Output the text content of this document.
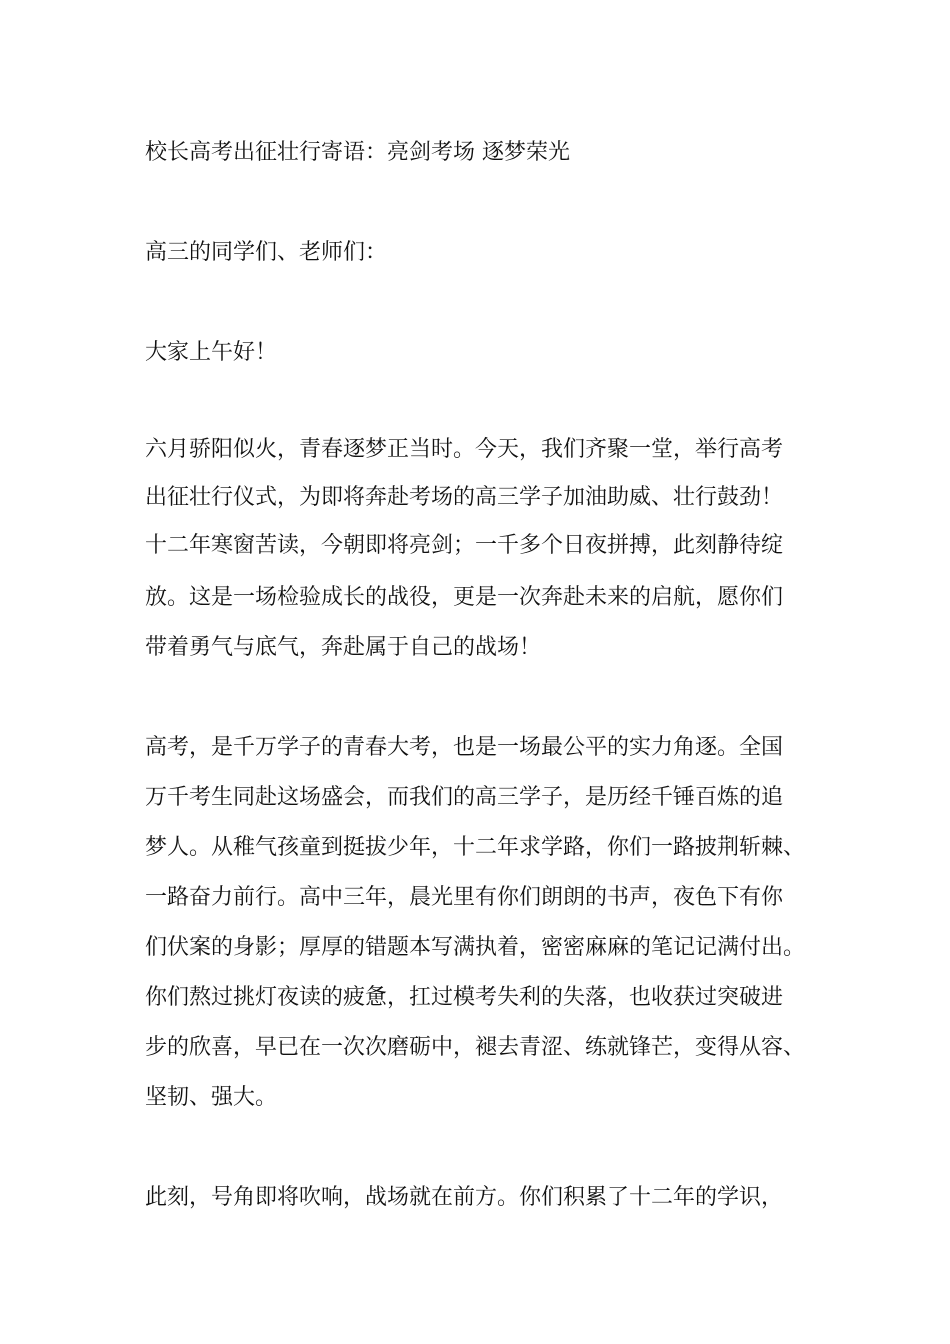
校长高考出征壮行寄语：亮剑考场 逐梦荣光
高三的同学们、老师们：
大家上午好！
六月骄阳似火，青春逐梦正当时。今天，我们齐聚一堂，举行高考
出征壮行仪式，为即将奔赴考场的高三学子加油助威、壮行鼓劲！
十二年寒窗苦读，今朝即将亮剑；一千多个日夜拼搏，此刻静待绽
放。这是一场检验成长的战役，更是一次奔赴未来的启航，愿你们
带着勇气与底气，奔赴属于自己的战场！
高考，是千万学子的青春大考，也是一场最公平的实力角逐。全国
万千考生同赴这场盛会，而我们的高三学子，是历经千锤百炼的追
梦人。从稚气孩童到挺拔少年，十二年求学路，你们一路披荆斩棘、
一路奋力前行。高中三年，晨光里有你们朗朗的书声，夜色下有你
们伏案的身影；厚厚的错题本写满执着，密密麻麻的笔记记满付出。
你们熬过挑灯夜读的疲惫，扛过模考失利的失落，也收获过突破进
步的欣喜，早已在一次次磨砺中，褪去青涩、练就锋芒，变得从容、
坚韧、强大。
此刻，号角即将吹响，战场就在前方。你们积累了十二年的学识，
